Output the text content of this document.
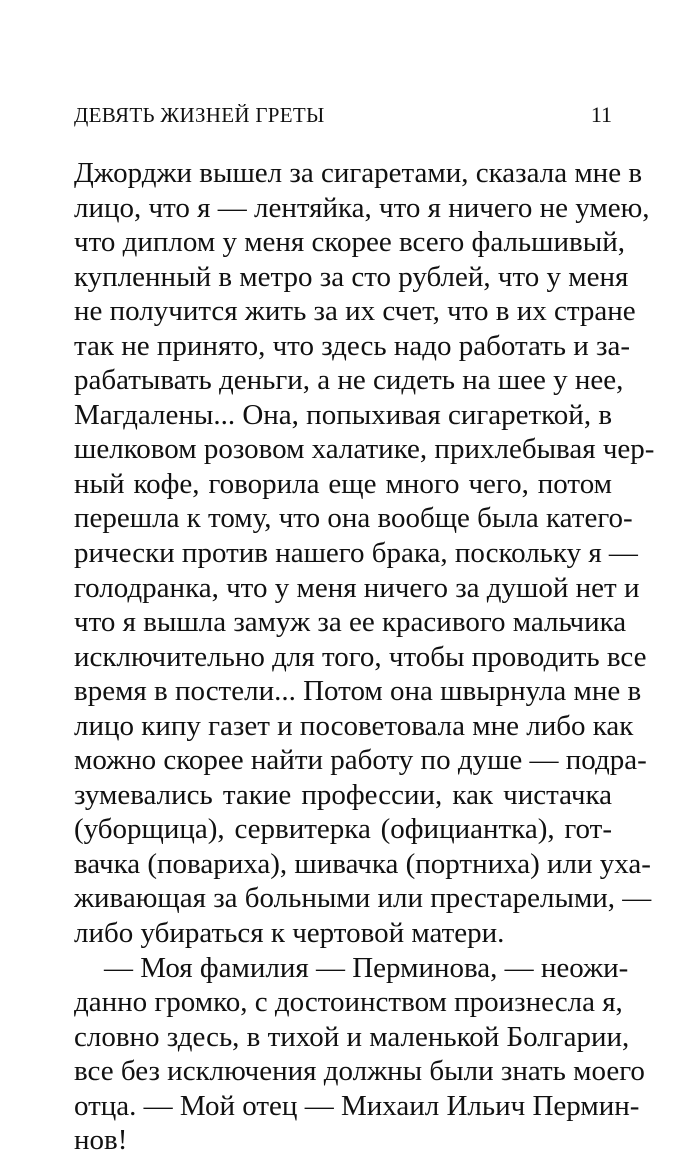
ДЕВЯТЬ ЖИЗНЕЙ ГРЕТЫ	11
Джорджи вышел за сигаретами, сказала мне в
лицо, что я — лентяйка, что я ничего не умею,
что диплом у меня скорее всего фальшивый,
купленный в метро за сто рублей, что у меня
не получится жить за их счет, что в их стране
так не принято, что здесь надо работать и за-
рабатывать деньги, а не сидеть на шее у нее,
Магдалены... Она, попыхивая сигареткой, в
шелковом розовом халатике, прихлебывая чер-
ный кофе, говорила еще много чего, потом
перешла к тому, что она вообще была катего-
рически против нашего брака, поскольку я —
голодранка, что у меня ничего за душой нет и
что я вышла замуж за ее красивого мальчика
исключительно для того, чтобы проводить все
время в постели... Потом она швырнула мне в
лицо кипу газет и посоветовала мне либо как
можно скорее найти работу по душе — подра-
зумевались такие профессии, как чистачка
(уборщица), сервитерка (официантка), гот-
вачка (повариха), шивачка (портниха) или уха-
живающая за больными или престарелыми, —
либо убираться к чертовой матери.
— Моя фамилия — Перминова, — неожи-
данно громко, с достоинством произнесла я,
словно здесь, в тихой и маленькой Болгарии,
все без исключения должны были знать моего
отца. — Мой отец — Михаил Ильич Пермин-
нов!
